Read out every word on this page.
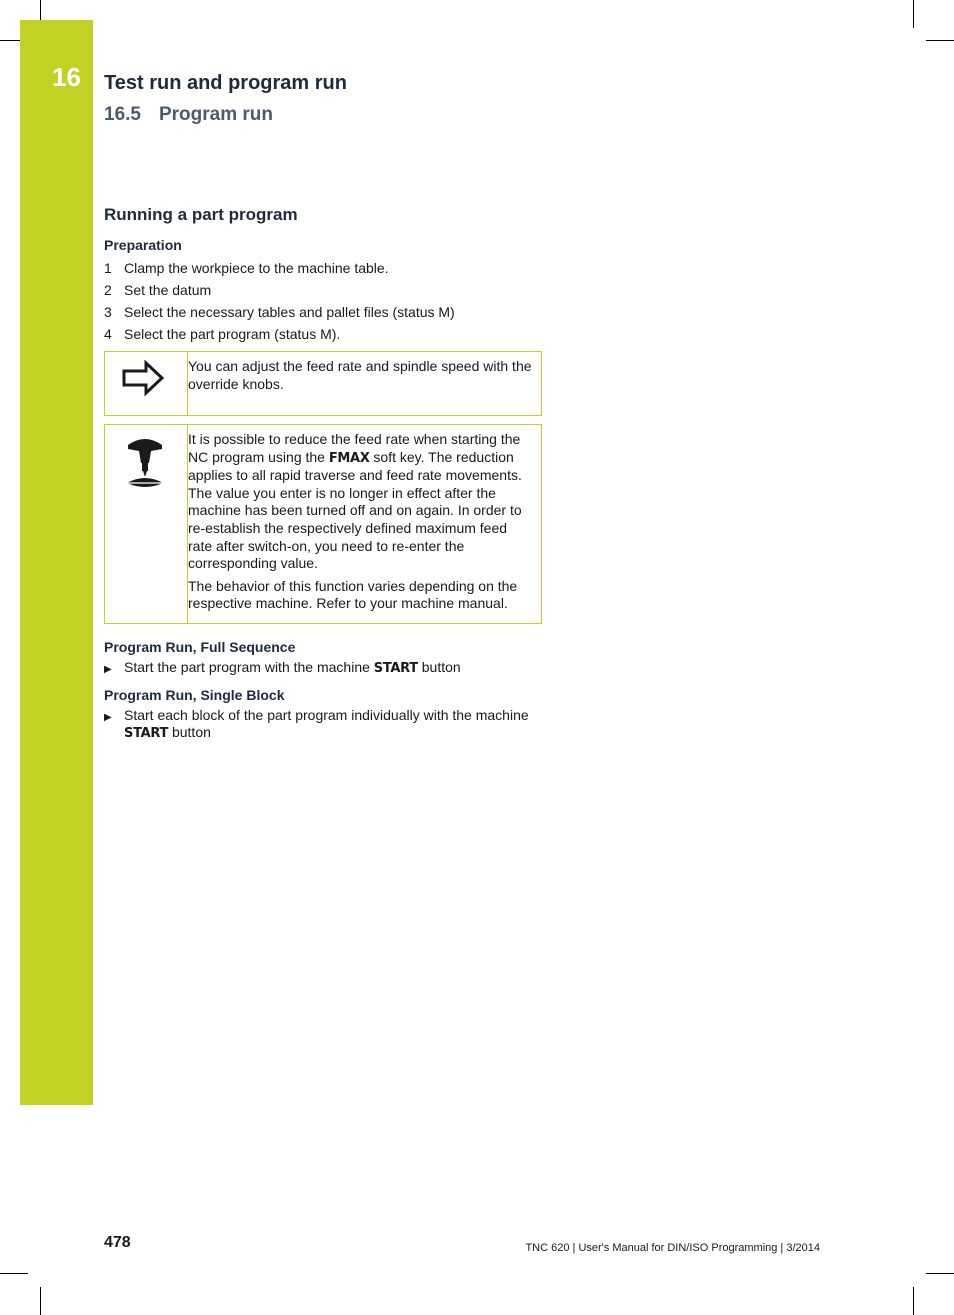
16 Test run and program run
16.5 Program run
Running a part program
Preparation
1 Clamp the workpiece to the machine table.
2 Set the datum
3 Select the necessary tables and pallet files (status M)
4 Select the part program (status M).

You can adjust the feed rate and spindle speed with the override knobs.

It is possible to reduce the feed rate when starting the NC program using the FMAX soft key. The reduction applies to all rapid traverse and feed rate movements. The value you enter is no longer in effect after the machine has been turned off and on again. In order to re-establish the respectively defined maximum feed rate after switch-on, you need to re-enter the corresponding value.

The behavior of this function varies depending on the respective machine. Refer to your machine manual.

Program Run, Full Sequence
▶ Start the part program with the machine START button
Program Run, Single Block
▶ Start each block of the part program individually with the machine START button
478	TNC 620 | User's Manual for DIN/ISO Programming | 3/2014
